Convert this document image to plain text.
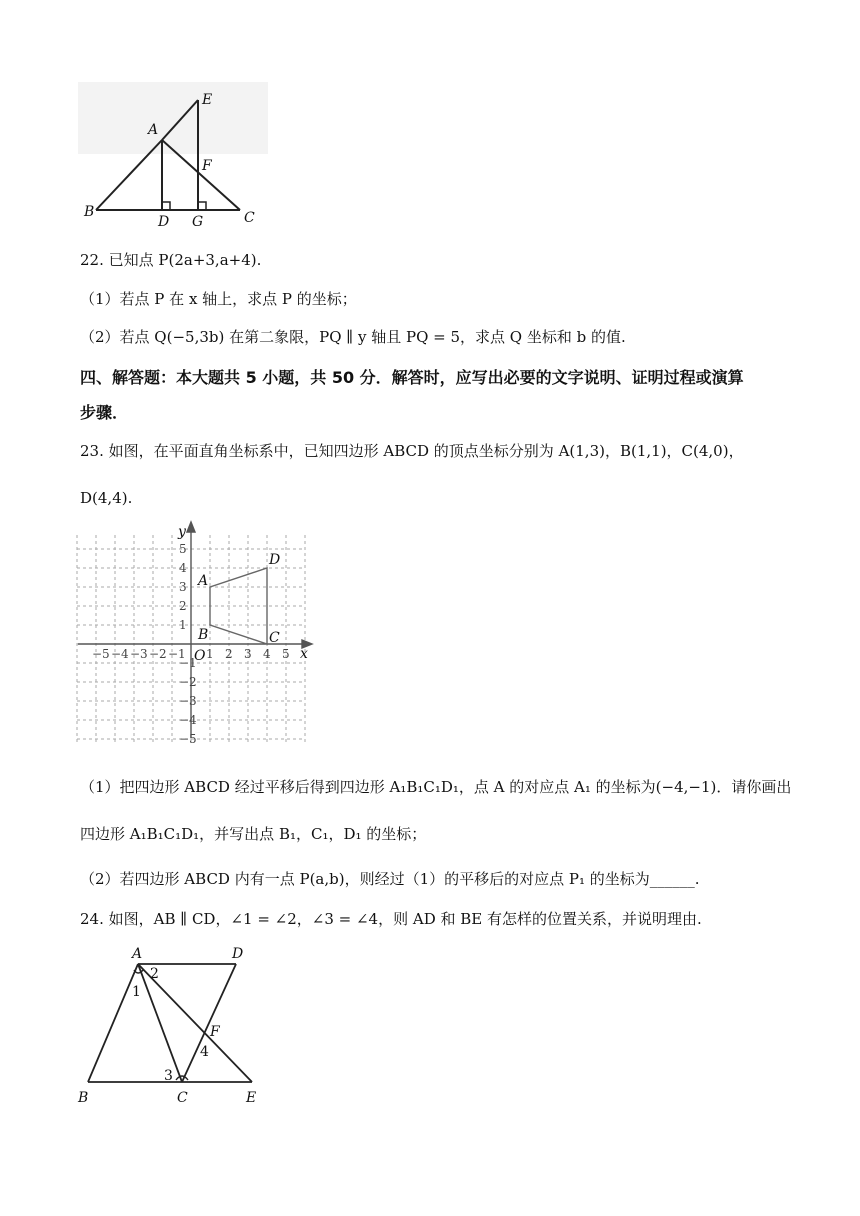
E
A
F
B
D G	C
22. 已知点 P(2a+3,a+4).
（1）若点 P 在 x 轴上，求点 P 的坐标；
（2）若点 Q(−5,3b) 在第二象限，PQ ∥ y 轴且 PQ = 5，求点 Q 坐标和 b 的值.
四、解答题：本大题共 5 小题，共 50 分．解答时，应写出必要的文字说明、证明过程或演算
步骤．
23. 如图，在平面直角坐标系中，已知四边形 ABCD 的顶点坐标分别为 A(1,3)，B(1,1)，C(4,0)，
D(4,4).
−5 −4 −3 −2 −1 1 2 3 4 5
5
4
3
2
1
−1
−2
−3
−4
−5
x
y
O
A
B	C
D
（1）把四边形 ABCD 经过平移后得到四边形 A₁B₁C₁D₁，点 A 的对应点 A₁ 的坐标为(−4,−1)．请你画出
四边形 A₁B₁C₁D₁，并写出点 B₁，C₁，D₁ 的坐标；
（2）若四边形 ABCD 内有一点 P(a,b)，则经过（1）的平移后的对应点 P₁ 的坐标为______.
24. 如图，AB ∥ CD，∠1 = ∠2，∠3 = ∠4，则 AD 和 BE 有怎样的位置关系，并说明理由.
A	D
B	C	E
F
2
1
3
4
